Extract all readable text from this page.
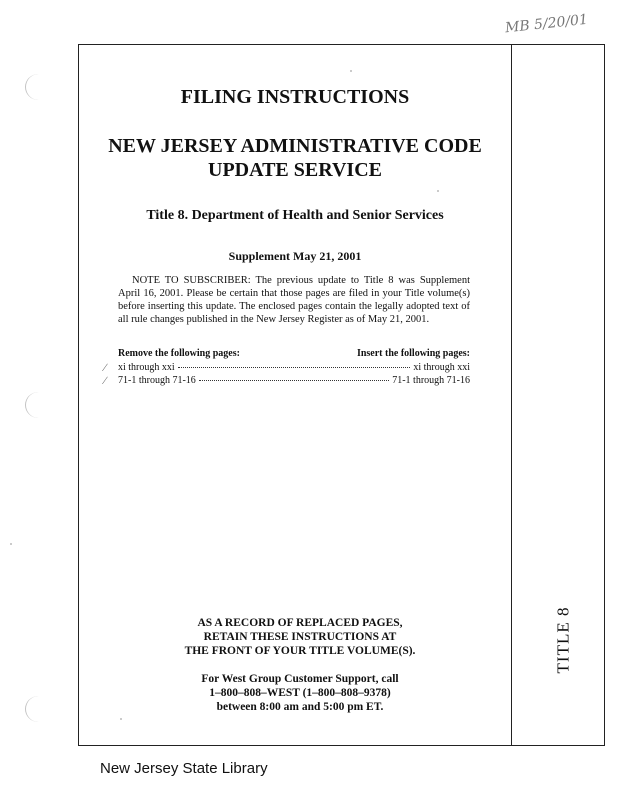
MB 5/20/01
TITLE 8
FILING INSTRUCTIONS
NEW JERSEY ADMINISTRATIVE CODE
UPDATE SERVICE
Title 8. Department of Health and Senior Services
Supplement May 21, 2001
NOTE TO SUBSCRIBER: The previous update to Title 8 was Supplement April 16, 2001. Please be certain that those pages are filed in your Title volume(s) before inserting this update. The enclosed pages contain the legally adopted text of all rule changes published in the New Jersey Register as of May 21, 2001.
Remove the following pages:	Insert the following pages:
∕ xi through xxi	xi through xxi
∕ 71-1 through 71-16	71-1 through 71-16
AS A RECORD OF REPLACED PAGES,
RETAIN THESE INSTRUCTIONS AT
THE FRONT OF YOUR TITLE VOLUME(S).
For West Group Customer Support, call
1–800–808–WEST (1–800–808–9378)
between 8:00 am and 5:00 pm ET.
New Jersey State Library
